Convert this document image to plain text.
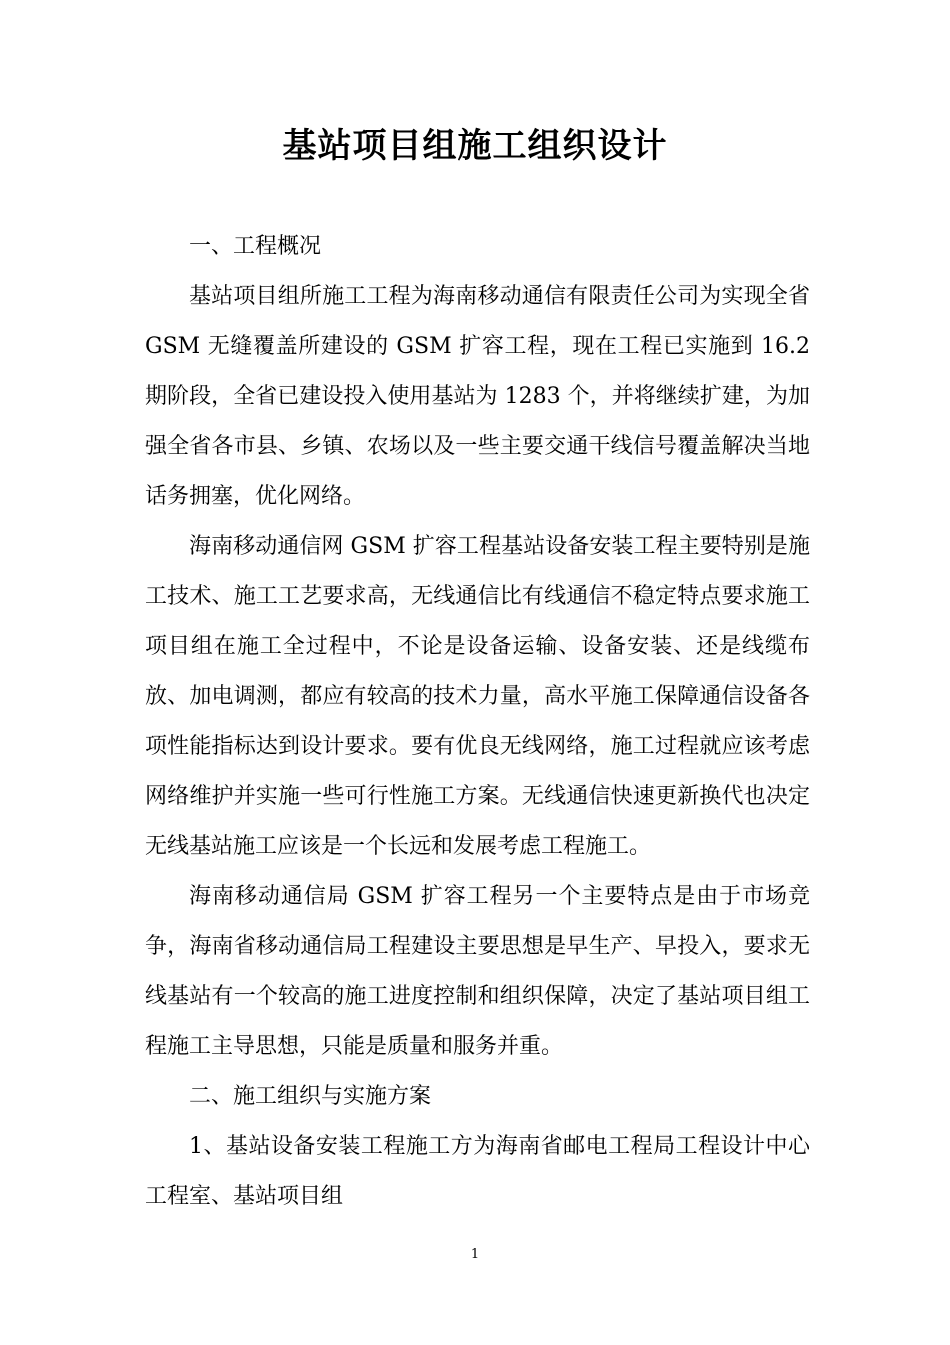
基站项目组施工组织设计

一、工程概况

基站项目组所施工工程为海南移动通信有限责任公司为实现全省 GSM 无缝覆盖所建设的 GSM 扩容工程，现在工程已实施到 16.2 期阶段，全省已建设投入使用基站为 1283 个，并将继续扩建，为加强全省各市县、乡镇、农场以及一些主要交通干线信号覆盖解决当地话务拥塞，优化网络。

海南移动通信网 GSM 扩容工程基站设备安装工程主要特别是施工技术、施工工艺要求高，无线通信比有线通信不稳定特点要求施工项目组在施工全过程中，不论是设备运输、设备安装、还是线缆布放、加电调测，都应有较高的技术力量，高水平施工保障通信设备各项性能指标达到设计要求。要有优良无线网络，施工过程就应该考虑网络维护并实施一些可行性施工方案。无线通信快速更新换代也决定无线基站施工应该是一个长远和发展考虑工程施工。

海南移动通信局 GSM 扩容工程另一个主要特点是由于市场竞争，海南省移动通信局工程建设主要思想是早生产、早投入，要求无线基站有一个较高的施工进度控制和组织保障，决定了基站项目组工程施工主导思想，只能是质量和服务并重。

二、施工组织与实施方案

1、基站设备安装工程施工方为海南省邮电工程局工程设计中心工程室、基站项目组

1
